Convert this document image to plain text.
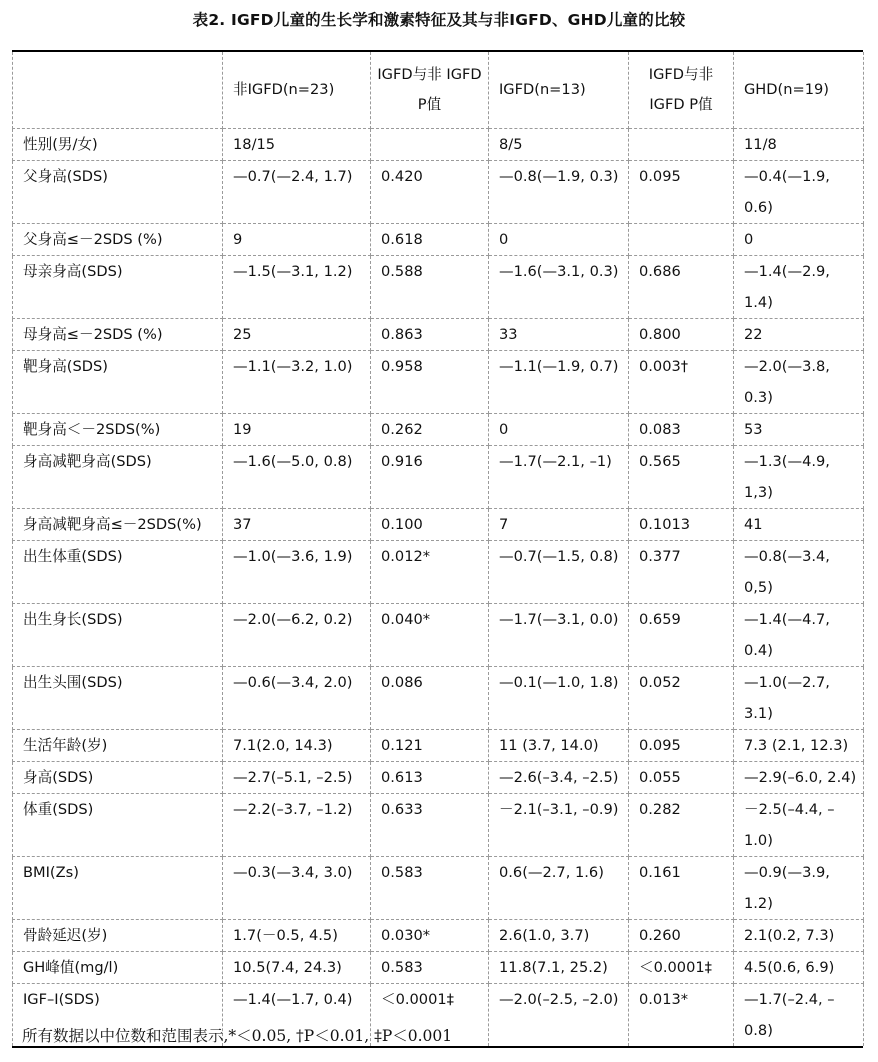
表2. IGFD儿童的生长学和激素特征及其与非IGFD、GHD儿童的比较
	非IGFD(n=23)	IGFD与非 IGFD P值	IGFD(n=13)	IGFD与非 IGFD P值	GHD(n=19)
性别(男/女)	18/15		8/5		11/8
父身高(SDS)	—0.7(—2.4, 1.7)	0.420	—0.8(—1.9, 0.3)	0.095	—0.4(—1.9, 0.6)
父身高≤－2SDS (%)	9	0.618	0		0
母亲身高(SDS)	—1.5(—3.1, 1.2)	0.588	—1.6(—3.1, 0.3)	0.686	—1.4(—2.9, 1.4)
母身高≤－2SDS (%)	25	0.863	33	0.800	22
靶身高(SDS)	—1.1(—3.2, 1.0)	0.958	—1.1(—1.9, 0.7)	0.003†	—2.0(—3.8, 0.3)
靶身高＜－2SDS(%)	19	0.262	0	0.083	53
身高减靶身高(SDS)	—1.6(—5.0, 0.8)	0.916	—1.7(—2.1, –1)	0.565	—1.3(—4.9, 1,3)
身高减靶身高≤－2SDS(%)	37	0.100	7	0.1013	41
出生体重(SDS)	—1.0(—3.6, 1.9)	0.012*	—0.7(—1.5, 0.8)	0.377	—0.8(—3.4, 0,5)
出生身长(SDS)	—2.0(—6.2, 0.2)	0.040*	—1.7(—3.1, 0.0)	0.659	—1.4(—4.7, 0.4)
出生头围(SDS)	—0.6(—3.4, 2.0)	0.086	—0.1(—1.0, 1.8)	0.052	—1.0(—2.7, 3.1)
生活年龄(岁)	7.1(2.0, 14.3)	0.121	11 (3.7, 14.0)	0.095	7.3 (2.1, 12.3)
身高(SDS)	—2.7(–5.1, –2.5)	0.613	—2.6(–3.4, –2.5)	0.055	—2.9(–6.0, 2.4)
体重(SDS)	—2.2(–3.7, –1.2)	0.633	－2.1(–3.1, –0.9)	0.282	－2.5(–4.4, –1.0)
BMI(Zs)	—0.3(—3.4, 3.0)	0.583	0.6(—2.7, 1.6)	0.161	—0.9(—3.9, 1.2)
骨龄延迟(岁)	1.7(－0.5, 4.5)	0.030*	2.6(1.0, 3.7)	0.260	2.1(0.2, 7.3)
GH峰值(mg/l)	10.5(7.4, 24.3)	0.583	11.8(7.1, 25.2)	＜0.0001‡	4.5(0.6, 6.9)
IGF–I(SDS)	—1.4(—1.7, 0.4)	＜0.0001‡	—2.0(–2.5, –2.0)	0.013*	—1.7(–2.4, –0.8)
所有数据以中位数和范围表示,*＜0.05, †P＜0.01, ‡P＜0.001
